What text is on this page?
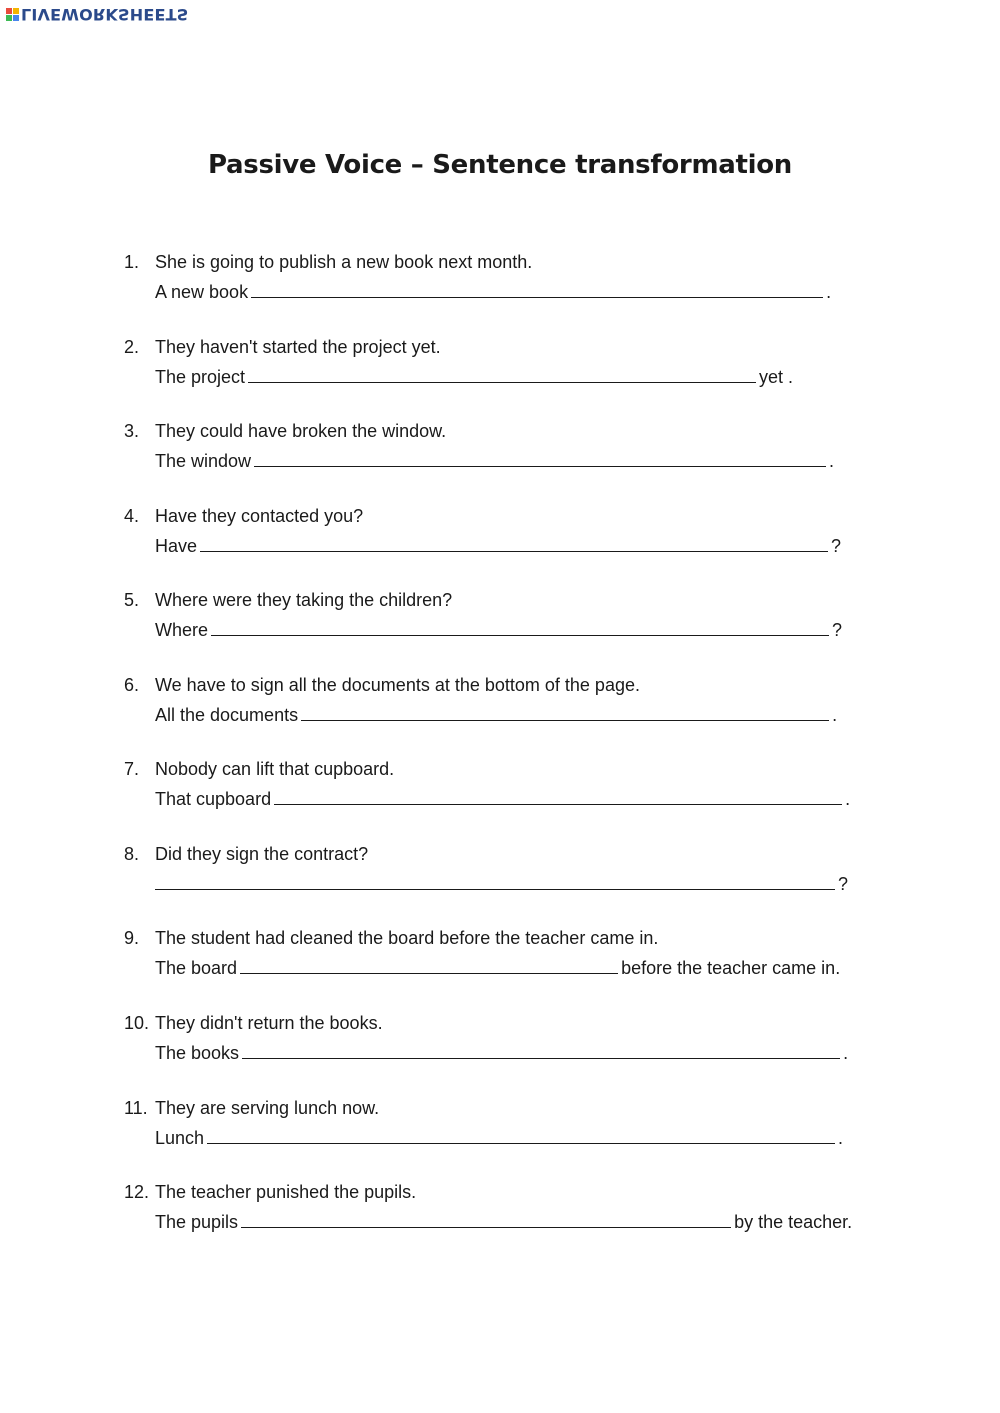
LIVEWORKSHEETS
Passive Voice – Sentence transformation
1. She is going to publish a new book next month.
A new book	.
2. They haven't started the project yet.
The project	yet .
3. They could have broken the window.
The window	.
4. Have they contacted you?
Have	?
5. Where were they taking the children?
Where	?
6. We have to sign all the documents at the bottom of the page.
All the documents	.
7. Nobody can lift that cupboard.
That cupboard	.
8. Did they sign the contract?
?
9. The student had cleaned the board before the teacher came in.
The board	before the teacher came in.
10. They didn't return the books.
The books	.
11. They are serving lunch now.
Lunch	.
12. The teacher punished the pupils.
The pupils	by the teacher.
